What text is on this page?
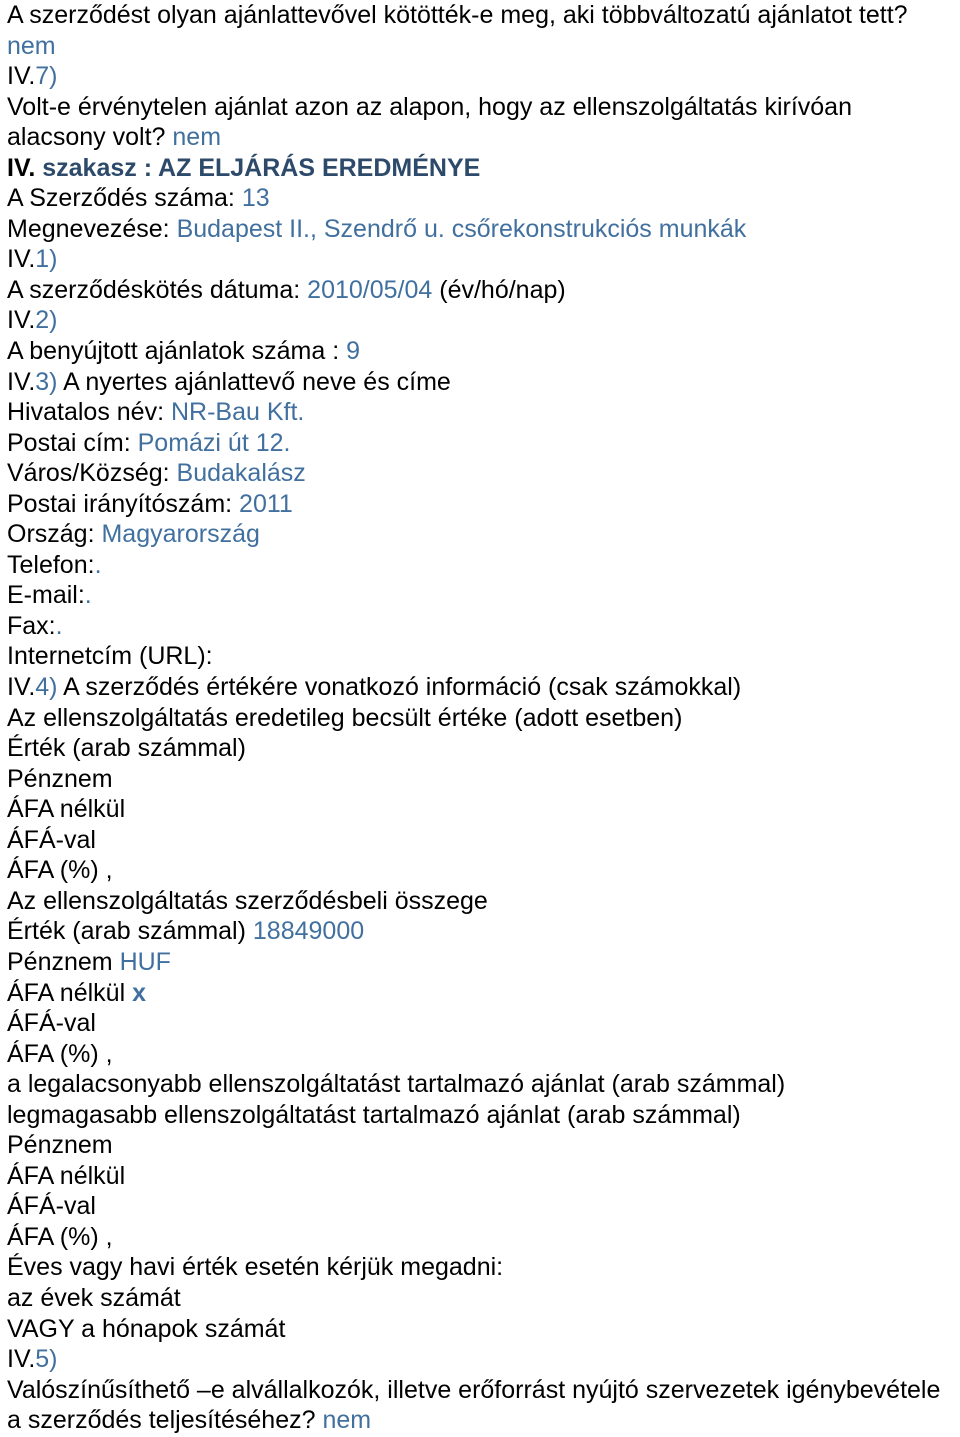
A szerződést olyan ajánlattevővel kötötték-e meg, aki többváltozatú ajánlatot tett?
nem
IV.7)
Volt-e érvénytelen ajánlat azon az alapon, hogy az ellenszolgáltatás kirívóan
alacsony volt? nem
IV. szakasz : AZ ELJÁRÁS EREDMÉNYE
A Szerződés száma: 13
Megnevezése: Budapest II., Szendrő u. csőrekonstrukciós munkák
IV.1)
A szerződéskötés dátuma: 2010/05/04 (év/hó/nap)
IV.2)
A benyújtott ajánlatok száma : 9
IV.3) A nyertes ajánlattevő neve és címe
Hivatalos név: NR-Bau Kft.
Postai cím: Pomázi út 12.
Város/Község: Budakalász
Postai irányítószám: 2011
Ország: Magyarország
Telefon:.
E-mail:.
Fax:.
Internetcím (URL):
IV.4) A szerződés értékére vonatkozó információ (csak számokkal)
Az ellenszolgáltatás eredetileg becsült értéke (adott esetben)
Érték (arab számmal)
Pénznem
ÁFA nélkül
ÁFÁ-val
ÁFA (%) ,
Az ellenszolgáltatás szerződésbeli összege
Érték (arab számmal) 18849000
Pénznem HUF
ÁFA nélkül x
ÁFÁ-val
ÁFA (%) ,
a legalacsonyabb ellenszolgáltatást tartalmazó ajánlat (arab számmal)
legmagasabb ellenszolgáltatást tartalmazó ajánlat (arab számmal)
Pénznem
ÁFA nélkül
ÁFÁ-val
ÁFA (%) ,
Éves vagy havi érték esetén kérjük megadni:
az évek számát
VAGY a hónapok számát
IV.5)
Valószínűsíthető –e alvállalkozók, illetve erőforrást nyújtó szervezetek igénybevétele
a szerződés teljesítéséhez? nem
